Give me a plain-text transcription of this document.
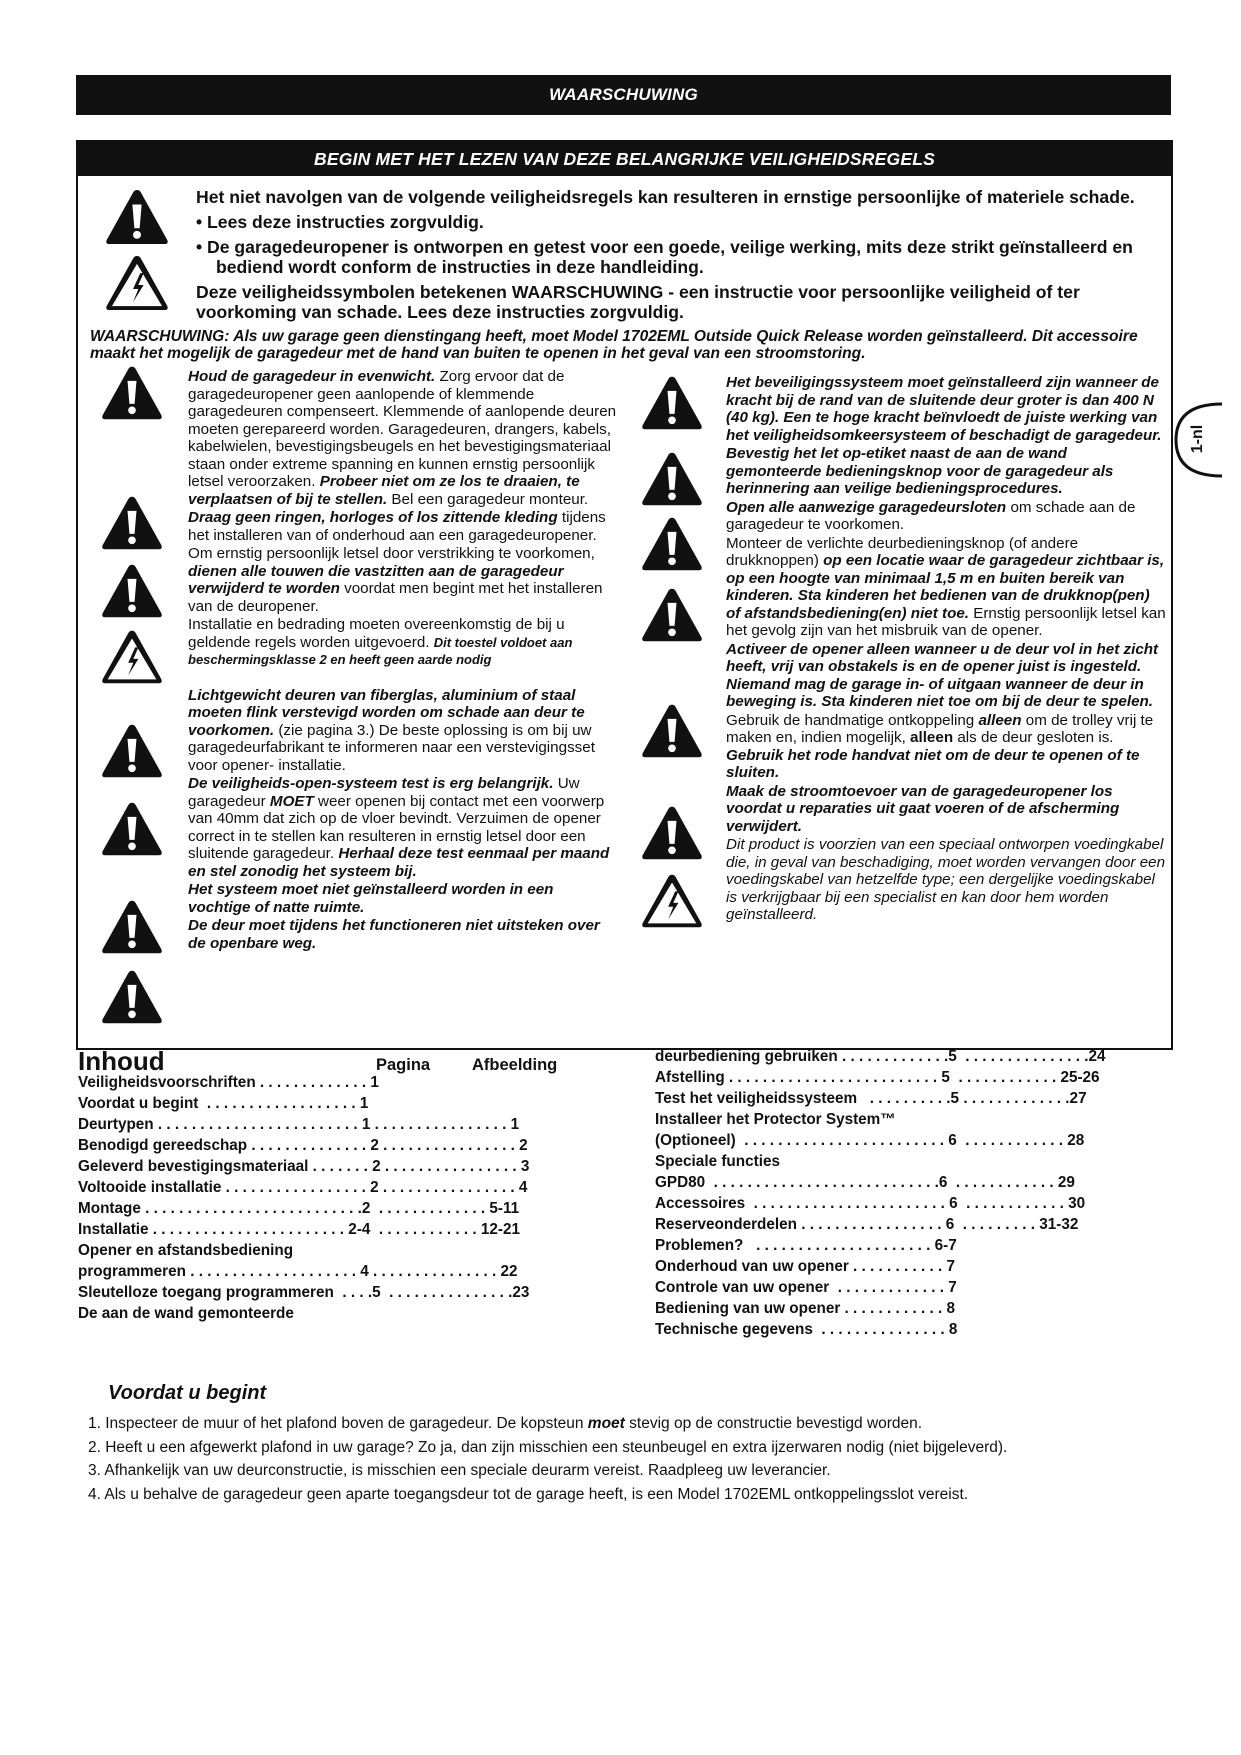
WAARSCHUWING
BEGIN MET HET LEZEN VAN DEZE BELANGRIJKE VEILIGHEIDSREGELS

Het niet navolgen van de volgende veiligheidsregels kan resulteren in ernstige persoonlijke of materiele schade.

• Lees deze instructies zorgvuldig.

• De garagedeuropener is ontworpen en getest voor een goede, veilige werking, mits deze strikt geïnstalleerd en bediend wordt conform de instructies in deze handleiding.

Deze veiligheidssymbolen betekenen WAARSCHUWING - een instructie voor persoonlijke veiligheid of ter voorkoming van schade. Lees deze instructies zorgvuldig.

WAARSCHUWING: Als uw garage geen dienstingang heeft, moet Model 1702EML Outside Quick Release worden geïnstalleerd. Dit accessoire maakt het mogelijk de garagedeur met de hand van buiten te openen in het geval van een stroomstoring.

Houd de garagedeur in evenwicht. Zorg ervoor dat de garagedeuropener geen aanlopende of klemmende garagedeuren compenseert. Klemmende of aanlopende deuren moeten gerepareerd worden. Garagedeuren, drangers, kabels, kabelwielen, bevestigingsbeugels en het bevestigingsmateriaal staan onder extreme spanning en kunnen ernstig persoonlijk letsel veroorzaken. Probeer niet om ze los te draaien, te verplaatsen of bij te stellen. Bel een garagedeur monteur.

Draag geen ringen, horloges of los zittende kleding tijdens het installeren van of onderhoud aan een garagedeuropener.

Om ernstig persoonlijk letsel door verstrikking te voorkomen, dienen alle touwen die vastzitten aan de garagedeur verwijderd te worden voordat men begint met het installeren van de deuropener.

Installatie en bedrading moeten overeenkomstig de bij u geldende regels worden uitgevoerd. Dit toestel voldoet aan beschermingsklasse 2 en heeft geen aarde nodig

Lichtgewicht deuren van fiberglas, aluminium of staal moeten flink verstevigd worden om schade aan deur te voorkomen. (zie pagina 3.) De beste oplossing is om bij uw garagedeurfabrikant te informeren naar een verstevigingsset voor opener- installatie.

De veiligheids-open-systeem test is erg belangrijk. Uw garagedeur MOET weer openen bij contact met een voorwerp van 40mm dat zich op de vloer bevindt. Verzuimen de opener correct in te stellen kan resulteren in ernstig letsel door een sluitende garagedeur. Herhaal deze test eenmaal per maand en stel zonodig het systeem bij.

Het systeem moet niet geïnstalleerd worden in een vochtige of natte ruimte.

De deur moet tijdens het functioneren niet uitsteken over de openbare weg.

Het beveiligingssysteem moet geïnstalleerd zijn wanneer de kracht bij de rand van de sluitende deur groter is dan 400 N (40 kg). Een te hoge kracht beïnvloedt de juiste werking van het veiligheidsomkeersysteem of beschadigt de garagedeur.

Bevestig het let op-etiket naast de aan de wand gemonteerde bedieningsknop voor de garagedeur als herinnering aan veilige bedieningsprocedures.

Open alle aanwezige garagedeursloten om schade aan de garagedeur te voorkomen.

Monteer de verlichte deurbedieningsknop (of andere drukknoppen) op een locatie waar de garagedeur zichtbaar is, op een hoogte van minimaal 1,5 m en buiten bereik van kinderen. Sta kinderen het bedienen van de drukknop(pen) of afstandsbediening(en) niet toe. Ernstig persoonlijk letsel kan het gevolg zijn van het misbruik van de opener.

Activeer de opener alleen wanneer u de deur vol in het zicht heeft, vrij van obstakels is en de opener juist is ingesteld. Niemand mag de garage in- of uitgaan wanneer de deur in beweging is. Sta kinderen niet toe om bij de deur te spelen.

Gebruik de handmatige ontkoppeling alleen om de trolley vrij te maken en, indien mogelijk, alleen als de deur gesloten is. Gebruik het rode handvat niet om de deur te openen of te sluiten.

Maak de stroomtoevoer van de garagedeuropener los voordat u reparaties uit gaat voeren of de afscherming verwijdert.

Dit product is voorzien van een speciaal ontworpen voedingkabel die, in geval van beschadiging, moet worden vervangen door een voedingskabel van hetzelfde type; een dergelijke voedingskabel is verkrijgbaar bij een specialist en kan door hem worden geïnstalleerd.

1-nl
Inhoud	Pagina	Afbeelding
Veiligheidsvoorschriften . . . . . . . . . . . . . 1
Voordat u begint  . . . . . . . . . . . . . . . . . . 1
Deurtypen . . . . . . . . . . . . . . . . . . . . . . . . 1 . . . . . . . . . . . . . . . . 1
Benodigd gereedschap . . . . . . . . . . . . . . 2 . . . . . . . . . . . . . . . . 2
Geleverd bevestigingsmateriaal . . . . . . . 2 . . . . . . . . . . . . . . . . 3
Voltooide installatie . . . . . . . . . . . . . . . . . 2 . . . . . . . . . . . . . . . . 4
Montage . . . . . . . . . . . . . . . . . . . . . . . . . .2  . . . . . . . . . . . . . 5-11
Installatie . . . . . . . . . . . . . . . . . . . . . . . 2-4  . . . . . . . . . . . . 12-21
Opener en afstandsbediening
programmeren . . . . . . . . . . . . . . . . . . . . 4 . . . . . . . . . . . . . . . 22
Sleutelloze toegang programmeren  . . . .5  . . . . . . . . . . . . . . .23
De aan de wand gemonteerde
deurbediening gebruiken . . . . . . . . . . . . .5  . . . . . . . . . . . . . . .24
Afstelling . . . . . . . . . . . . . . . . . . . . . . . . . 5  . . . . . . . . . . . . 25-26
Test het veiligheidssysteem   . . . . . . . . . .5 . . . . . . . . . . . . .27
Installeer het Protector System™
(Optioneel)  . . . . . . . . . . . . . . . . . . . . . . . . 6  . . . . . . . . . . . . 28
Speciale functies
GPD80  . . . . . . . . . . . . . . . . . . . . . . . . . . .6  . . . . . . . . . . . . 29
Accessoires  . . . . . . . . . . . . . . . . . . . . . . . 6  . . . . . . . . . . . . 30
Reserveonderdelen . . . . . . . . . . . . . . . . . 6  . . . . . . . . . 31-32
Problemen?   . . . . . . . . . . . . . . . . . . . . . 6-7
Onderhoud van uw opener . . . . . . . . . . . 7
Controle van uw opener  . . . . . . . . . . . . . 7
Bediening van uw opener . . . . . . . . . . . . 8
Technische gegevens  . . . . . . . . . . . . . . . 8
Voordat u begint
1. Inspecteer de muur of het plafond boven de garagedeur. De kopsteun moet stevig op de constructie bevestigd worden.
2. Heeft u een afgewerkt plafond in uw garage? Zo ja, dan zijn misschien een steunbeugel en extra ijzerwaren nodig (niet bijgeleverd).
3. Afhankelijk van uw deurconstructie, is misschien een speciale deurarm vereist. Raadpleeg uw leverancier.
4. Als u behalve de garagedeur geen aparte toegangsdeur tot de garage heeft, is een Model 1702EML ontkoppelingsslot vereist.
